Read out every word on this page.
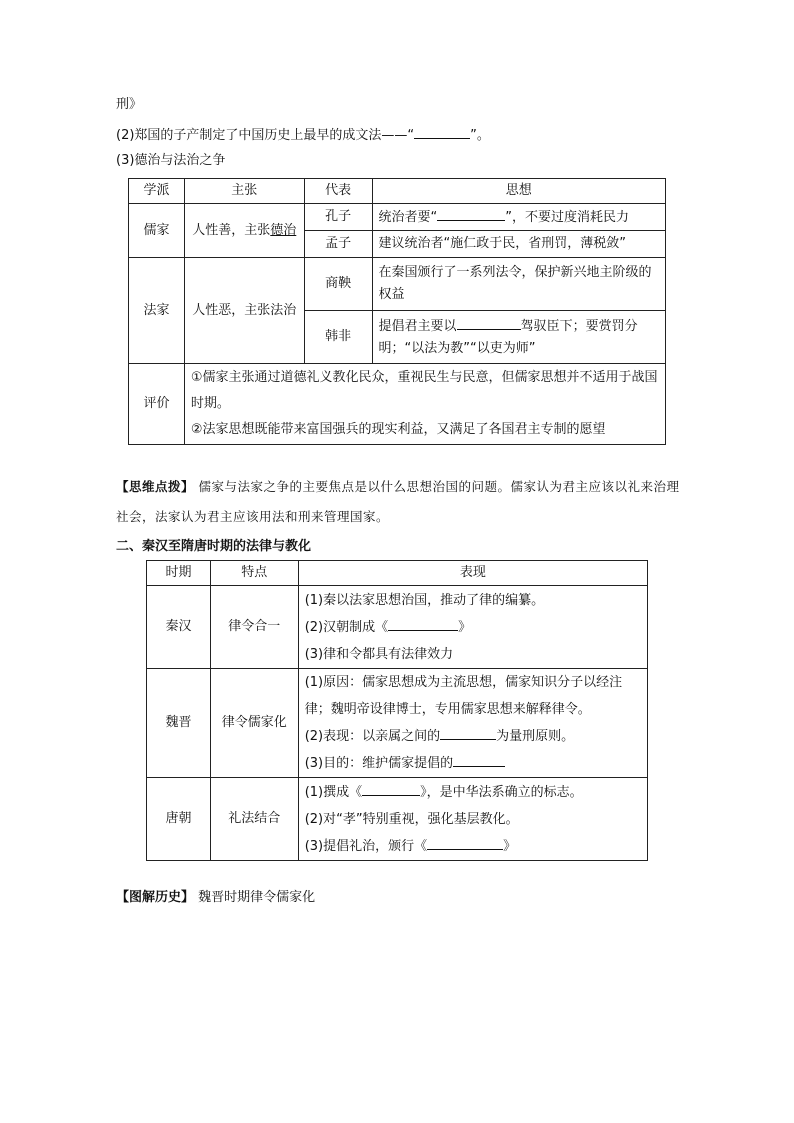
刑》
(2)郑国的子产制定了中国历史上最早的成文法——“	”。
(3)德治与法治之争
学派	主张	代表	思想
儒家	人性善，主张德治	孔子	统治者要“ ”，不要过度消耗民力
		孟子	建议统治者“施仁政于民，省刑罚，薄税敛”
法家	人性恶，主张法治	商鞅	在秦国颁行了一系列法令，保护新兴地主阶级的权益
		韩非	提倡君主要以 驾驭臣下；要赏罚分明；“以法为教”“以吏为师”
评价	①儒家主张通过道德礼义教化民众，重视民生与民意，但儒家思想并不适用于战国时期。
②法家思想既能带来富国强兵的现实利益，又满足了各国君主专制的愿望		
【思维点拨】 儒家与法家之争的主要焦点是以什么思想治国的问题。儒家认为君主应该以礼来治理社会，法家认为君主应该用法和刑来管理国家。
二、秦汉至隋唐时期的法律与教化
时期	特点	表现
秦汉	律令合一	(1)秦以法家思想治国，推动了律的编纂。
(2)汉朝制成《 》
(3)律和令都具有法律效力

魏晋	律令儒家化	(1)原因：儒家思想成为主流思想，儒家知识分子以经注律；魏明帝设律博士，专用儒家思想来解释律令。
(2)表现：以亲属之间的 为量刑原则。
(3)目的：维护儒家提倡的

唐朝	礼法结合	(1)撰成《 》，是中华法系确立的标志。
(2)对“孝”特别重视，强化基层教化。
(3)提倡礼治，颁行《 》
【图解历史】 魏晋时期律令儒家化
